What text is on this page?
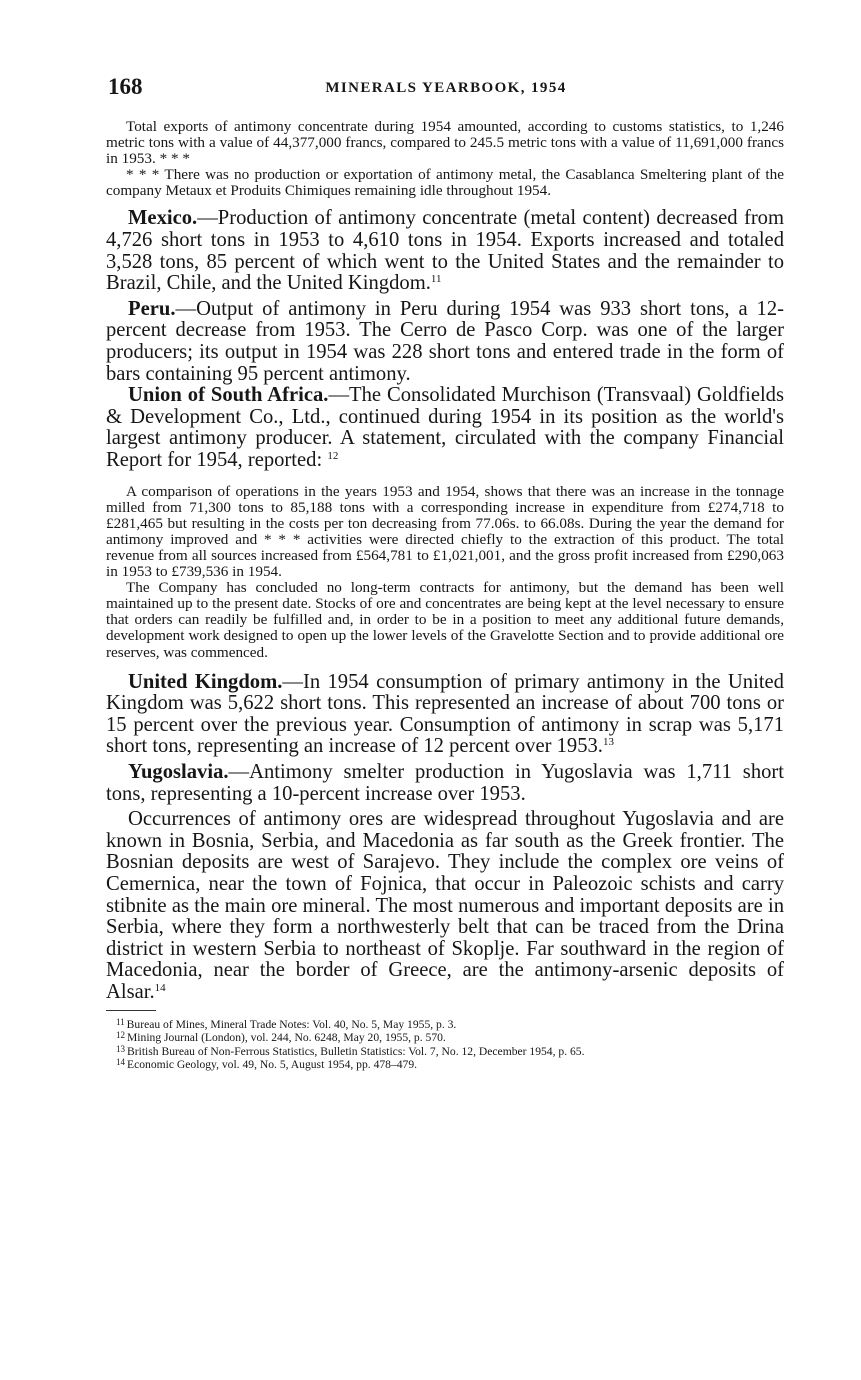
168	MINERALS YEARBOOK, 1954

Total exports of antimony concentrate during 1954 amounted, according to customs statistics, to 1,246 metric tons with a value of 44,377,000 francs, compared to 245.5 metric tons with a value of 11,691,000 francs in 1953. * * *

* * * There was no production or exportation of antimony metal, the Casablanca Smeltering plant of the company Metaux et Produits Chimiques remaining idle throughout 1954.

Mexico.—Production of antimony concentrate (metal content) decreased from 4,726 short tons in 1953 to 4,610 tons in 1954. Exports increased and totaled 3,528 tons, 85 percent of which went to the United States and the remainder to Brazil, Chile, and the United Kingdom.$^{11}$

Peru.—Output of antimony in Peru during 1954 was 933 short tons, a 12-percent decrease from 1953. The Cerro de Pasco Corp. was one of the larger producers; its output in 1954 was 228 short tons and entered trade in the form of bars containing 95 percent antimony.

Union of South Africa.—The Consolidated Murchison (Transvaal) Goldfields & Development Co., Ltd., continued during 1954 in its position as the world's largest antimony producer. A statement, circulated with the company Financial Report for 1954, reported: $^{12}$

A comparison of operations in the years 1953 and 1954, shows that there was an increase in the tonnage milled from 71,300 tons to 85,188 tons with a corresponding increase in expenditure from £274,718 to £281,465 but resulting in the costs per ton decreasing from 77.06s. to 66.08s. During the year the demand for antimony improved and * * * activities were directed chiefly to the extraction of this product. The total revenue from all sources increased from £564,781 to £1,021,001, and the gross profit increased from £290,063 in 1953 to £739,536 in 1954.

The Company has concluded no long-term contracts for antimony, but the demand has been well maintained up to the present date. Stocks of ore and concentrates are being kept at the level necessary to ensure that orders can readily be fulfilled and, in order to be in a position to meet any additional future demands, development work designed to open up the lower levels of the Gravelotte Section and to provide additional ore reserves, was commenced.

United Kingdom.—In 1954 consumption of primary antimony in the United Kingdom was 5,622 short tons. This represented an increase of about 700 tons or 15 percent over the previous year. Consumption of antimony in scrap was 5,171 short tons, representing an increase of 12 percent over 1953.13

Yugoslavia.—Antimony smelter production in Yugoslavia was 1,711 short tons, representing a 10-percent increase over 1953.

Occurrences of antimony ores are widespread throughout Yugoslavia and are known in Bosnia, Serbia, and Macedonia as far south as the Greek frontier. The Bosnian deposits are west of Sarajevo. They include the complex ore veins of Cemernica, near the town of Fojnica, that occur in Paleozoic schists and carry stibnite as the main ore mineral. The most numerous and important deposits are in Serbia, where they form a northwesterly belt that can be traced from the Drina district in western Serbia to northeast of Skoplje. Far southward in the region of Macedonia, near the border of Greece, are the antimony-arsenic deposits of Alsar.$^{14}$

$^{11}$ Bureau of Mines, Mineral Trade Notes: Vol. 40, No. 5, May 1955, p. 3.
$^{12}$ Mining Journal (London), vol. 244, No. 6248, May 20, 1955, p. 570.
$^{13}$ British Bureau of Non-Ferrous Statistics, Bulletin Statistics: Vol. 7, No. 12, December 1954, p. 65.
$^{14}$ Economic Geology, vol. 49, No. 5, August 1954, pp. 478–479.
